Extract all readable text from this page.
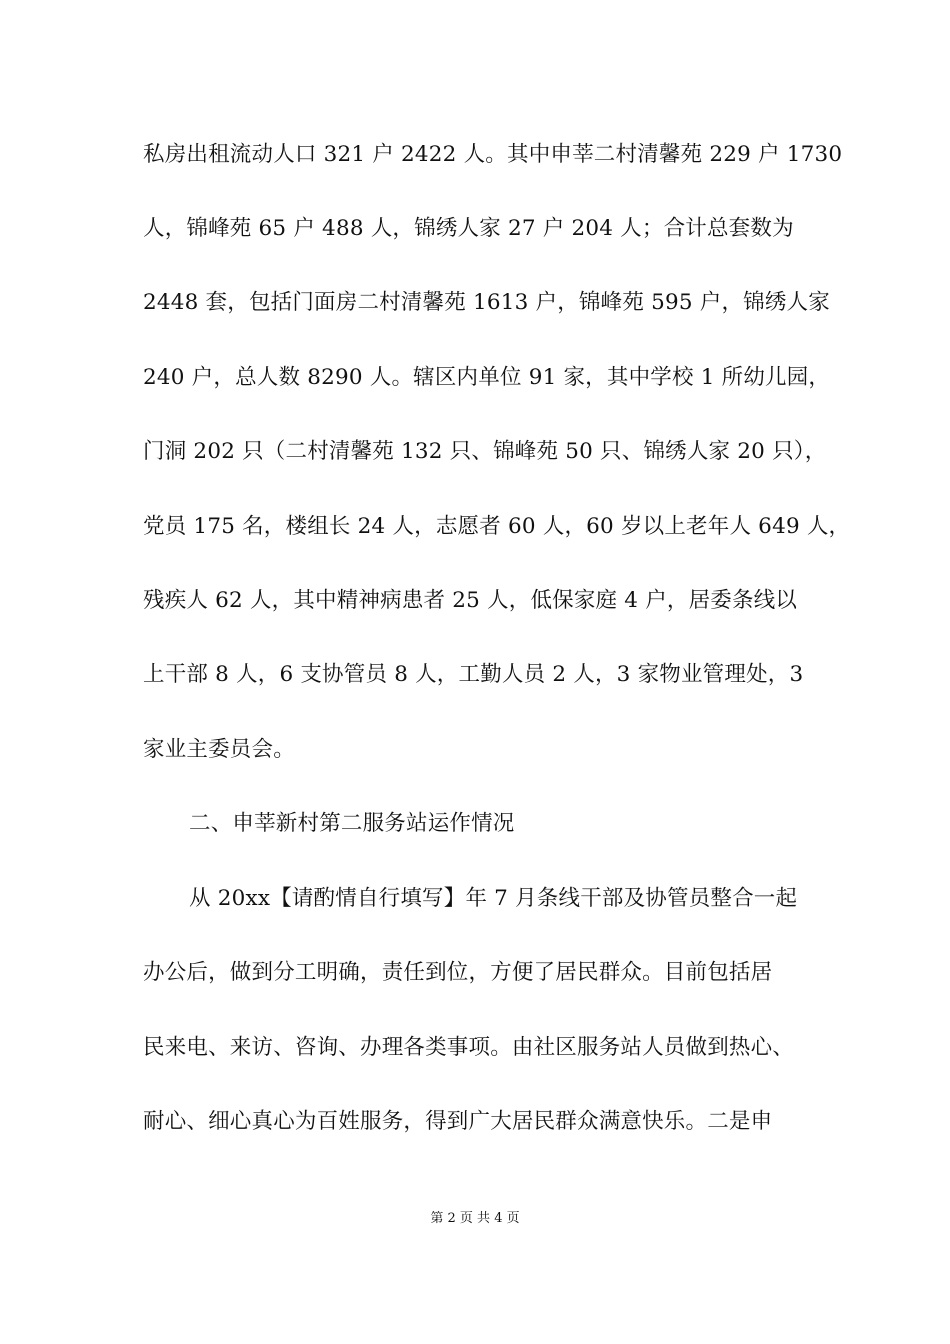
私房出租流动人口 321 户 2422 人。其中申莘二村清馨苑 229 户 1730
人，锦峰苑 65 户 488 人，锦绣人家 27 户 204 人；合计总套数为
2448 套，包括门面房二村清馨苑 1613 户，锦峰苑 595 户，锦绣人家
240 户，总人数 8290 人。辖区内单位 91 家，其中学校 1 所幼儿园，
门洞 202 只（二村清馨苑 132 只、锦峰苑 50 只、锦绣人家 20 只），
党员 175 名，楼组长 24 人，志愿者 60 人，60 岁以上老年人 649 人，
残疾人 62 人，其中精神病患者 25 人，低保家庭 4 户，居委条线以
上干部 8 人，6 支协管员 8 人，工勤人员 2 人，3 家物业管理处，3
家业主委员会。
二、申莘新村第二服务站运作情况
从 20xx【请酌情自行填写】年 7 月条线干部及协管员整合一起
办公后，做到分工明确，责任到位，方便了居民群众。目前包括居
民来电、来访、咨询、办理各类事项。由社区服务站人员做到热心、
耐心、细心真心为百姓服务，得到广大居民群众满意快乐。二是申
第 2 页 共 4 页
